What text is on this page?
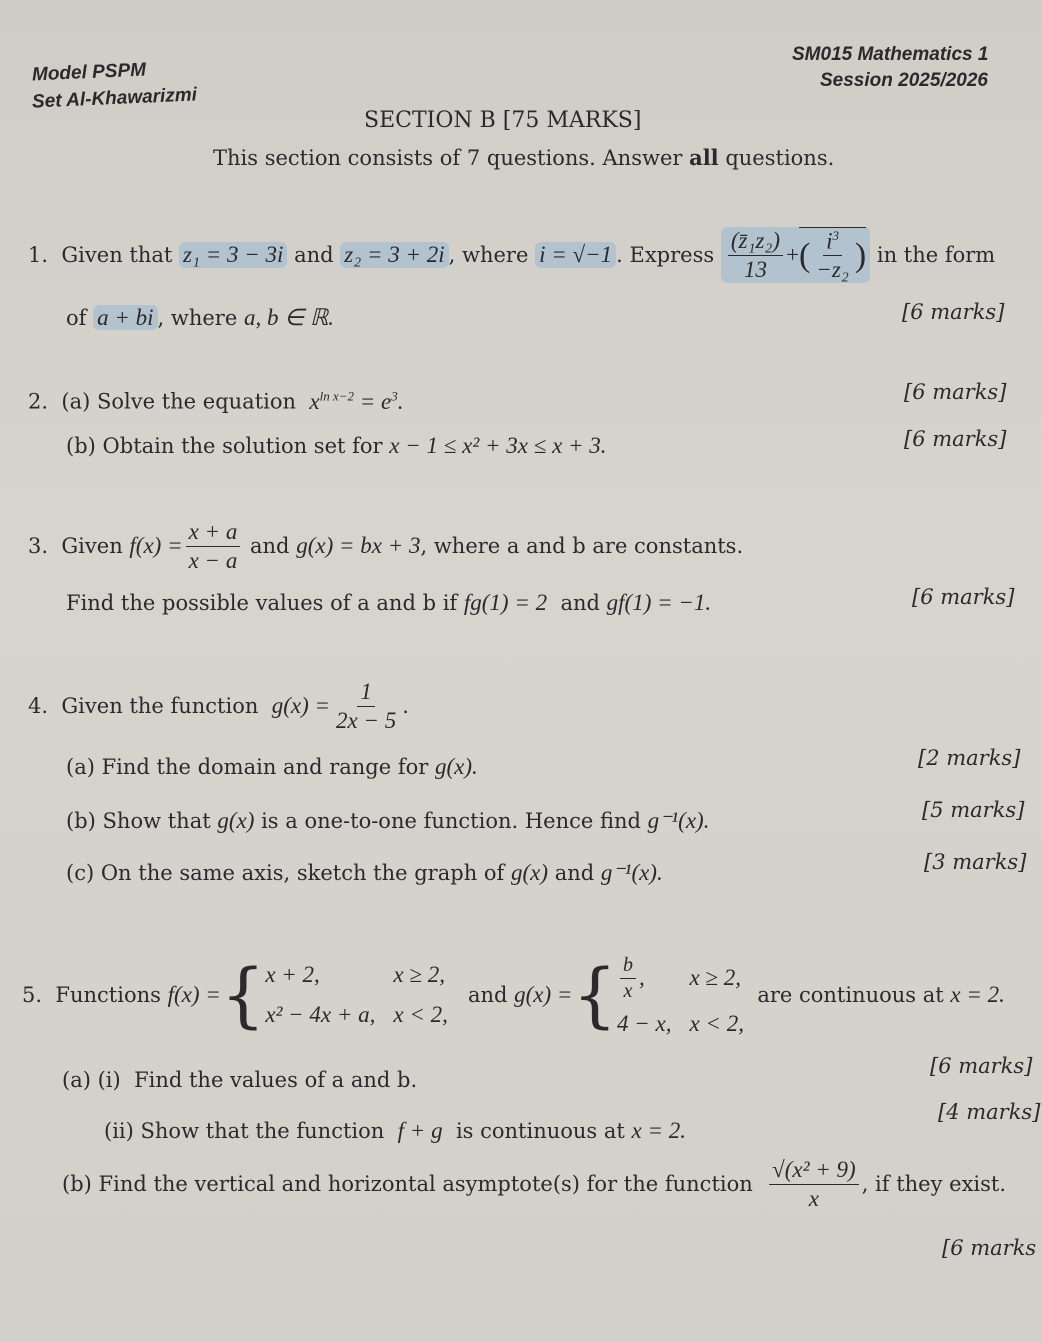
Model PSPM
Set Al-Khawarizmi
SM015 Mathematics 1
Session 2025/2026
SECTION B [75 MARKS]
This section consists of 7 questions. Answer all questions.
1.
Given that
z₁ = 3 − 3i
and
z₂ = 3 + 2i , where
i = √−1 . Express
$\frac{\text{(z̄₁z₂)}}{13}$ + ( $\frac{i^3}{\text{−z₂}}$ )
in the form
of a + bi , where a, b ∈ ℝ.	[6 marks]
2. (a) Solve the equation $x^{ln x-2} = e^3$.	[6 marks]
(b) Obtain the solution set for x − 1 ≤ x² + 3x ≤ x + 3.	[6 marks]
3.
Given
$f(x) = \frac{x + a}{x - a}$
and
g(x) = bx + 3 , where a and b are constants.
Find the possible values of a and b if fg(1) = 2 and gf(1) = −1.	[6 marks]
4.
Given the function
$g(x) = \frac{1}{2x - 5}$ .
(a) Find the domain and range for g(x).	[2 marks]
(b) Show that g(x) is a one-to-one function. Hence find g⁻¹(x).	[5 marks]
(c) On the same axis, sketch the graph of g(x) and g⁻¹(x).	[3 marks]
5.
Functions
f(x) = { x + 2,	x ≥ 2,
x² − 4x + a, x < 2,

and
g(x) = { $\frac{b}{x}$ , x ≥ 2,
4 − x, x < 2,

are continuous at
x = 2.
(a) (i) Find the values of a and b.
[6 marks]
(ii) Show that the function f + g is continuous at x = 2.
[4 marks]
(b)
Find the vertical and horizontal asymptote(s) for the function
$\frac{\text{√(x² + 9)}}{x}$ , if they exist.
[6 marks
